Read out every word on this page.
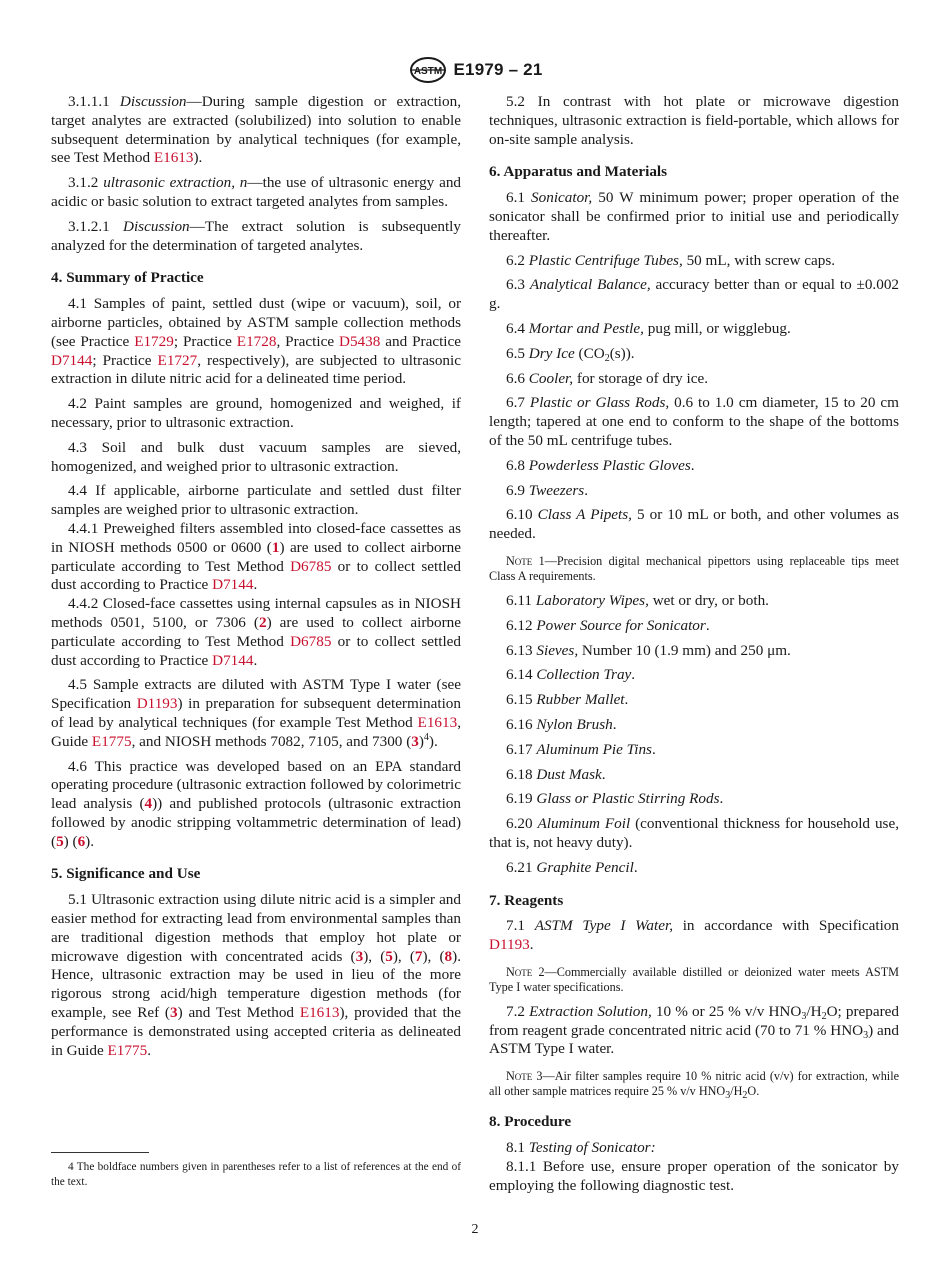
ASTM E1979 – 21

3.1.1.1 Discussion—During sample digestion or extraction, target analytes are extracted (solubilized) into solution to enable subsequent determination by analytical techniques (for example, see Test Method E1613).

3.1.2 ultrasonic extraction, n—the use of ultrasonic energy and acidic or basic solution to extract targeted analytes from samples.

3.1.2.1 Discussion—The extract solution is subsequently analyzed for the determination of targeted analytes.

4. Summary of Practice

4.1 Samples of paint, settled dust (wipe or vacuum), soil, or airborne particles, obtained by ASTM sample collection methods (see Practice E1729; Practice E1728, Practice D5438 and Practice D7144; Practice E1727, respectively), are subjected to ultrasonic extraction in dilute nitric acid for a delineated time period.

4.2 Paint samples are ground, homogenized and weighed, if necessary, prior to ultrasonic extraction.

4.3 Soil and bulk dust vacuum samples are sieved, homogenized, and weighed prior to ultrasonic extraction.

4.4 If applicable, airborne particulate and settled dust filter samples are weighed prior to ultrasonic extraction.

4.4.1 Preweighed filters assembled into closed-face cassettes as in NIOSH methods 0500 or 0600 (1) are used to collect airborne particulate according to Test Method D6785 or to collect settled dust according to Practice D7144.

4.4.2 Closed-face cassettes using internal capsules as in NIOSH methods 0501, 5100, or 7306 (2) are used to collect airborne particulate according to Test Method D6785 or to collect settled dust according to Practice D7144.

4.5 Sample extracts are diluted with ASTM Type I water (see Specification D1193) in preparation for subsequent determination of lead by analytical techniques (for example Test Method E1613, Guide E1775, and NIOSH methods 7082, 7105, and 7300 $(3)^4$).

4.6 This practice was developed based on an EPA standard operating procedure (ultrasonic extraction followed by colorimetric lead analysis (4)) and published protocols (ultrasonic extraction followed by anodic stripping voltammetric determination of lead) (5) (6).

5. Significance and Use

5.1 Ultrasonic extraction using dilute nitric acid is a simpler and easier method for extracting lead from environmental samples than are traditional digestion methods that employ hot plate or microwave digestion with concentrated acids (3), (5), (7), (8). Hence, ultrasonic extraction may be used in lieu of the more rigorous strong acid/high temperature digestion methods (for example, see Ref (3) and Test Method E1613), provided that the performance is demonstrated using accepted criteria as delineated in Guide E1775.

4 The boldface numbers given in parentheses refer to a list of references at the end of the text.

5.2 In contrast with hot plate or microwave digestion techniques, ultrasonic extraction is field-portable, which allows for on-site sample analysis.

6. Apparatus and Materials

6.1 Sonicator, 50 W minimum power; proper operation of the sonicator shall be confirmed prior to initial use and periodically thereafter.

6.2 Plastic Centrifuge Tubes, 50 mL, with screw caps.

6.3 Analytical Balance, accuracy better than or equal to ±0.002 g.

6.4 Mortar and Pestle, pug mill, or wigglebug.

6.5 Dry Ice $(CO_2(s))$.

6.6 Cooler, for storage of dry ice.

6.7 Plastic or Glass Rods, 0.6 to 1.0 cm diameter, 15 to 20 cm length; tapered at one end to conform to the shape of the bottoms of the 50 mL centrifuge tubes.

6.8 Powderless Plastic Gloves.

6.9 Tweezers.

6.10 Class A Pipets, 5 or 10 mL or both, and other volumes as needed.

Note 1—Precision digital mechanical pipettors using replaceable tips meet Class A requirements.

6.11 Laboratory Wipes, wet or dry, or both.

6.12 Power Source for Sonicator.

6.13 Sieves, Number 10 (1.9 mm) and 250 μm.

6.14 Collection Tray.

6.15 Rubber Mallet.

6.16 Nylon Brush.

6.17 Aluminum Pie Tins.

6.18 Dust Mask.

6.19 Glass or Plastic Stirring Rods.

6.20 Aluminum Foil (conventional thickness for household use, that is, not heavy duty).

6.21 Graphite Pencil.

7. Reagents

7.1 ASTM Type I Water, in accordance with Specification D1193.

Note 2—Commercially available distilled or deionized water meets ASTM Type I water specifications.

7.2 Extraction Solution, 10 % or 25 % v/v $HNO_3/H_2O$; prepared from reagent grade concentrated nitric acid (70 to 71 % $HNO_3$) and ASTM Type I water.

Note 3—Air filter samples require 10 % nitric acid (v/v) for extraction, while all other sample matrices require 25 % v/v $HNO_3/H_2O$.

8. Procedure

8.1 Testing of Sonicator:

8.1.1 Before use, ensure proper operation of the sonicator by employing the following diagnostic test.

2
